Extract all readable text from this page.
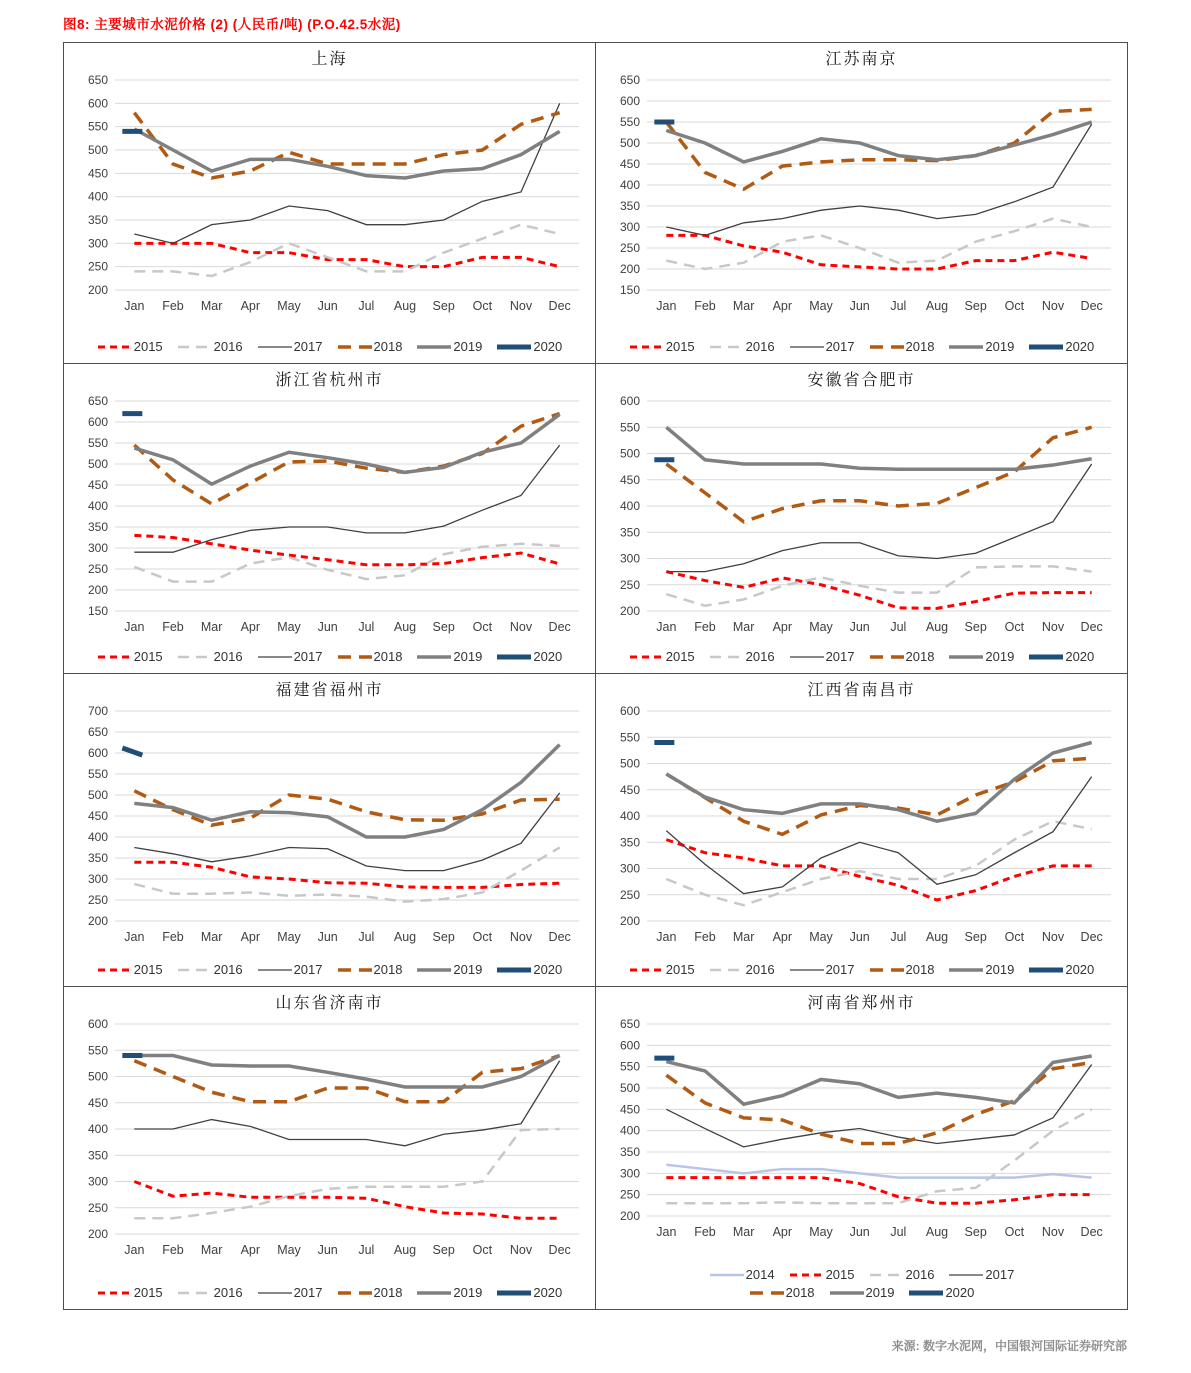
图8: 主要城市水泥价格 (2) (人民币/吨) (P.O.42.5水泥)
上海
200
250
300
350
400
450
500
550
600
650
Jan Feb Mar Apr May Jun Jul Aug Sep Oct Nov Dec
2015	2016	2017	2018	2019	2020
江苏南京
150
200
250
300
350
400
450
500
550
600
650
Jan Feb Mar Apr May Jun Jul Aug Sep Oct Nov Dec
2015	2016	2017	2018	2019	2020
浙江省杭州市
150
200
250
300
350
400
450
500
550
600
650
Jan Feb Mar Apr May Jun Jul Aug Sep Oct Nov Dec
2015	2016	2017	2018	2019	2020
安徽省合肥市
200
250
300
350
400
450
500
550
600
Jan Feb Mar Apr May Jun Jul Aug Sep Oct Nov Dec
2015	2016	2017	2018	2019	2020
福建省福州市
200
250
300
350
400
450
500
550
600
650
700
Jan Feb Mar Apr May Jun Jul Aug Sep Oct Nov Dec
2015	2016	2017	2018	2019	2020
江西省南昌市
200
250
300
350
400
450
500
550
600
Jan Feb Mar Apr May Jun Jul Aug Sep Oct Nov Dec
2015	2016	2017	2018	2019	2020
山东省济南市
200
250
300
350
400
450
500
550
600
Jan Feb Mar Apr May Jun Jul Aug Sep Oct Nov Dec
2015	2016	2017	2018	2019	2020
河南省郑州市
200
250
300
350
400
450
500
550
600
650
Jan Feb Mar Apr May Jun Jul Aug Sep Oct Nov Dec
2014	2015	2016	2017
2018	2019	2020
来源: 数字水泥网，中国银河国际证券研究部
